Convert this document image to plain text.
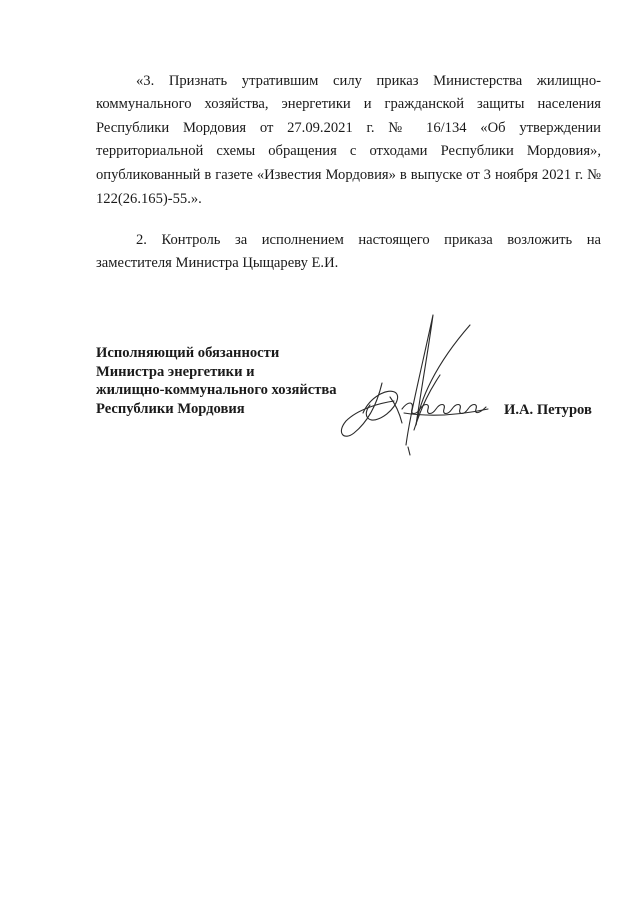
«3. Признать утратившим силу приказ Министерства жилищно-коммунального хозяйства, энергетики и гражданской защиты населения Республики Мордовия от 27.09.2021 г. № 16/134 «Об утверждении территориальной схемы обращения с отходами Республики Мордовия», опубликованный в газете «Известия Мордовия» в выпуске от 3 ноября 2021 г. № 122(26.165)-55.».

2. Контроль за исполнением настоящего приказа возложить на заместителя Министра Цыщареву Е.И.

Исполняющий обязанности
Министра энергетики и
жилищно-коммунального хозяйства
Республики Мордовия	И.А. Петуров
